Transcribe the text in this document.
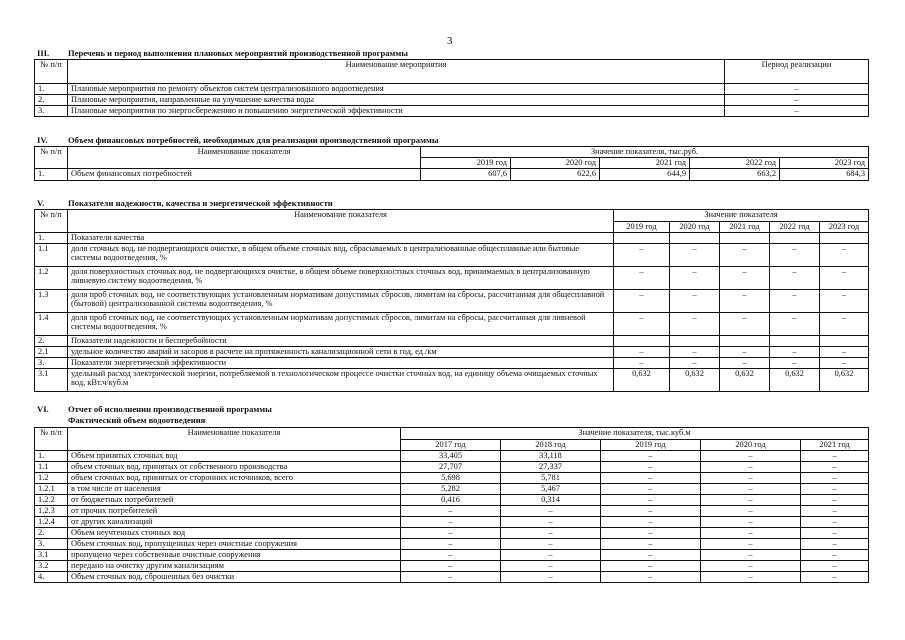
3
III. Перечень и период выполнения плановых мероприятий производственной программы
№ п/п	Наименование мероприятия	Период реализации
1.	Плановые мероприятия по ремонту объектов систем централизованного водоотведения	–
2.	Плановые мероприятия, направленные на улучшение качества воды	–
3.	Плановые мероприятия по энергосбережению и повышению энергетической эффективности	–
IV. Объем финансовых потребностей, необходимых для реализации производственной программы
№ п/п	Наименование показателя	Значение показателя, тыс.руб.				
		2019 год	2020 год	2021 год	2022 год	2023 год
1.	Объем финансовых потребностей	607,6	622,6	644,9	663,2	684,3
V.	Показатели надежности, качества и энергетической эффективности
№ п/п	Наименование показателя	Значение показателя				
		2019 год	2020 год	2021 год	2022 год	2023 год
1.	Показатели качества					
1.1	доля сточных вод, не подвергающихся очистке, в общем объеме сточных вод, сбрасываемых в централизованные общесплавные или бытовые системы водоотведения, %	–	–	–	–	–
1.2	доля поверхностных сточных вод, не подвергающихся очистке, в общем объеме поверхностных сточных вод, принимаемых в централизованную ливневую систему водоотведения, %	–	–	–	–	–
1.3	доля проб сточных вод, не соответствующих установленным нормативам допустимых сбросов, лимитам на сбросы, рассчитанная для общесплавной (бытовой) централизованной системы водоотведения, %	–	–	–	–	–
1.4	доля проб сточных вод, не соответствующих установленным нормативам допустимых сбросов, лимитам на сбросы, рассчитанная для ливневой системы водоотведения, %	–	–	–	–	–
2.	Показатели надежности и бесперебойности					
2.1	удельное количество аварий и засоров в расчете на протяженность канализационной сети в год, ед./км	–	–	–	–	–
3.	Показатели энергетической эффективности	–	–	–	–	–
3.1	удельный расход электрической энергии, потребляемой в технологическом процессе очистки сточных вод, на единицу объема очищаемых сточных вод, кВт.ч/куб.м	0,632	0,632	0,632	0,632	0,632
VI. Отчет об исполнении производственной программы
Фактический объем водоотведения
№ п/п	Наименование показателя	Значение показателя, тыс.куб.м				
		2017 год	2018 год	2019 год	2020 год	2021 год
1.	Объем принятых сточных вод	33,405	33,118	–	–	–
1.1	объем сточных вод, принятых от собственного производства	27,707	27,337	–	–	–
1.2	объем сточных вод, принятых от сторонних источников, всего	5,698	5,781	–	–	–
1.2.1	в том числе от населения	5,282	5,467	–	–	–
1.2.2	от бюджетных потребителей	0,416	0,314	–	–	–
1.2.3	от прочих потребителей	–	–	–	–	–
1.2.4	от других канализаций	–	–	–	–	–
2.	Объем неучтенных сточных вод	–	–	–	–	–
3.	Объем сточных вод, пропущенных через очистные сооружения	–	–	–	–	–
3.1	пропущено через собственные очистные сооружения	–	–	–	–	–
3.2	передано на очистку другим канализациям	–	–	–	–	–
4.	Объем сточных вод, сброшенных без очистки	–	–	–	–	–
